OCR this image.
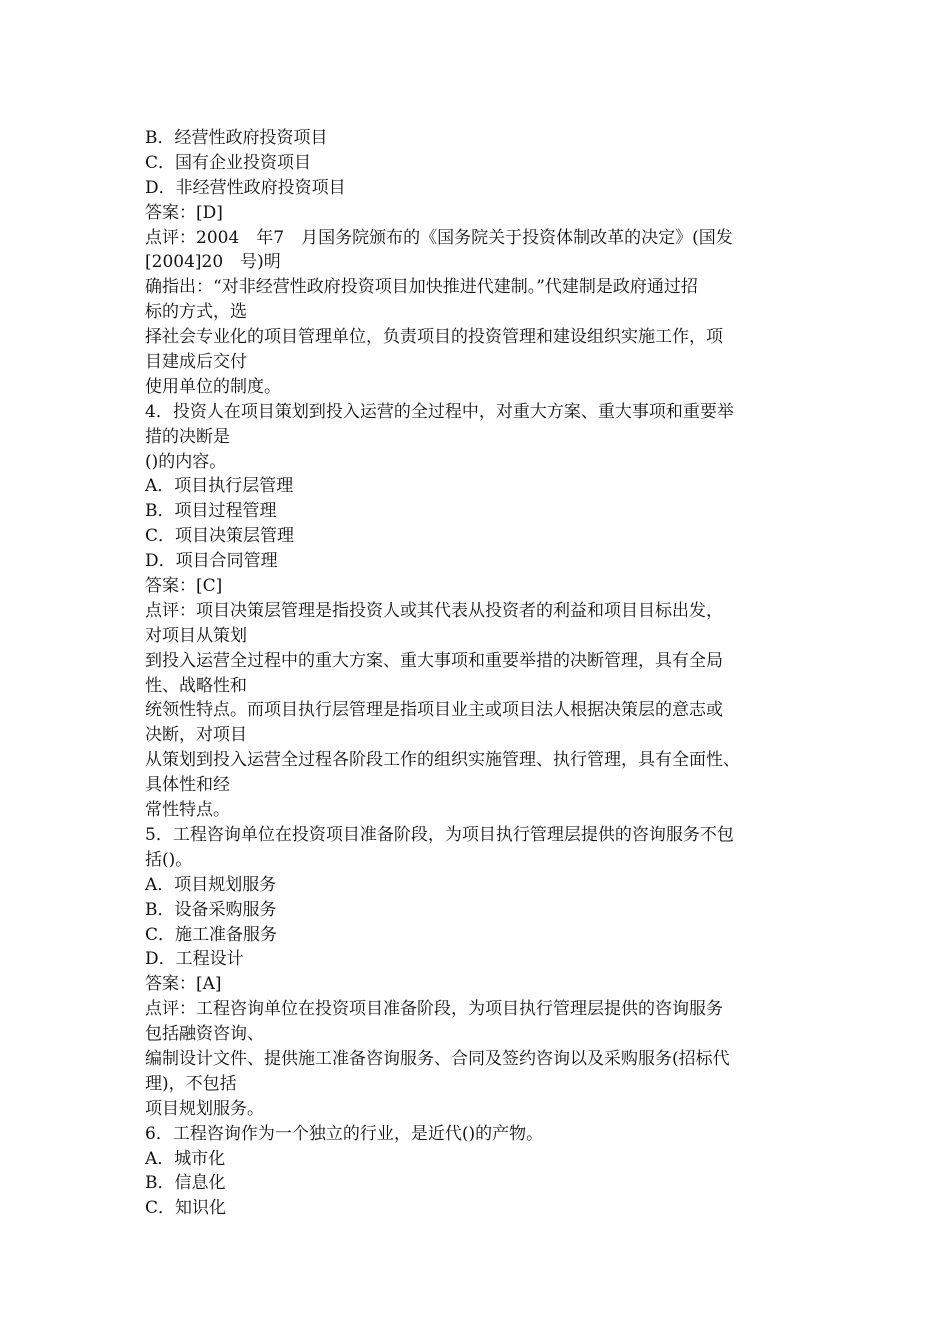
B．经营性政府投资项目
C．国有企业投资项目
D．非经营性政府投资项目
答案：[D]
点评：2004　年7　月国务院颁布的《国务院关于投资体制改革的决定》(国发
[2004]20　号)明
确指出：“对非经营性政府投资项目加快推进代建制。”代建制是政府通过招
标的方式，选
择社会专业化的项目管理单位，负责项目的投资管理和建设组织实施工作，项
目建成后交付
使用单位的制度。
4．投资人在项目策划到投入运营的全过程中，对重大方案、重大事项和重要举
措的决断是
()的内容。
A．项目执行层管理
B．项目过程管理
C．项目决策层管理
D．项目合同管理
答案：[C]
点评：项目决策层管理是指投资人或其代表从投资者的利益和项目目标出发，
对项目从策划
到投入运营全过程中的重大方案、重大事项和重要举措的决断管理，具有全局
性、战略性和
统领性特点。而项目执行层管理是指项目业主或项目法人根据决策层的意志或
决断，对项目
从策划到投入运营全过程各阶段工作的组织实施管理、执行管理，具有全面性、
具体性和经
常性特点。
5．工程咨询单位在投资项目准备阶段，为项目执行管理层提供的咨询服务不包
括()。
A．项目规划服务
B．设备采购服务
C．施工准备服务
D．工程设计
答案：[A]
点评：工程咨询单位在投资项目准备阶段，为项目执行管理层提供的咨询服务
包括融资咨询、
编制设计文件、提供施工准备咨询服务、合同及签约咨询以及采购服务(招标代
理)，不包括
项目规划服务。
6．工程咨询作为一个独立的行业，是近代()的产物。
A．城市化
B．信息化
C．知识化
